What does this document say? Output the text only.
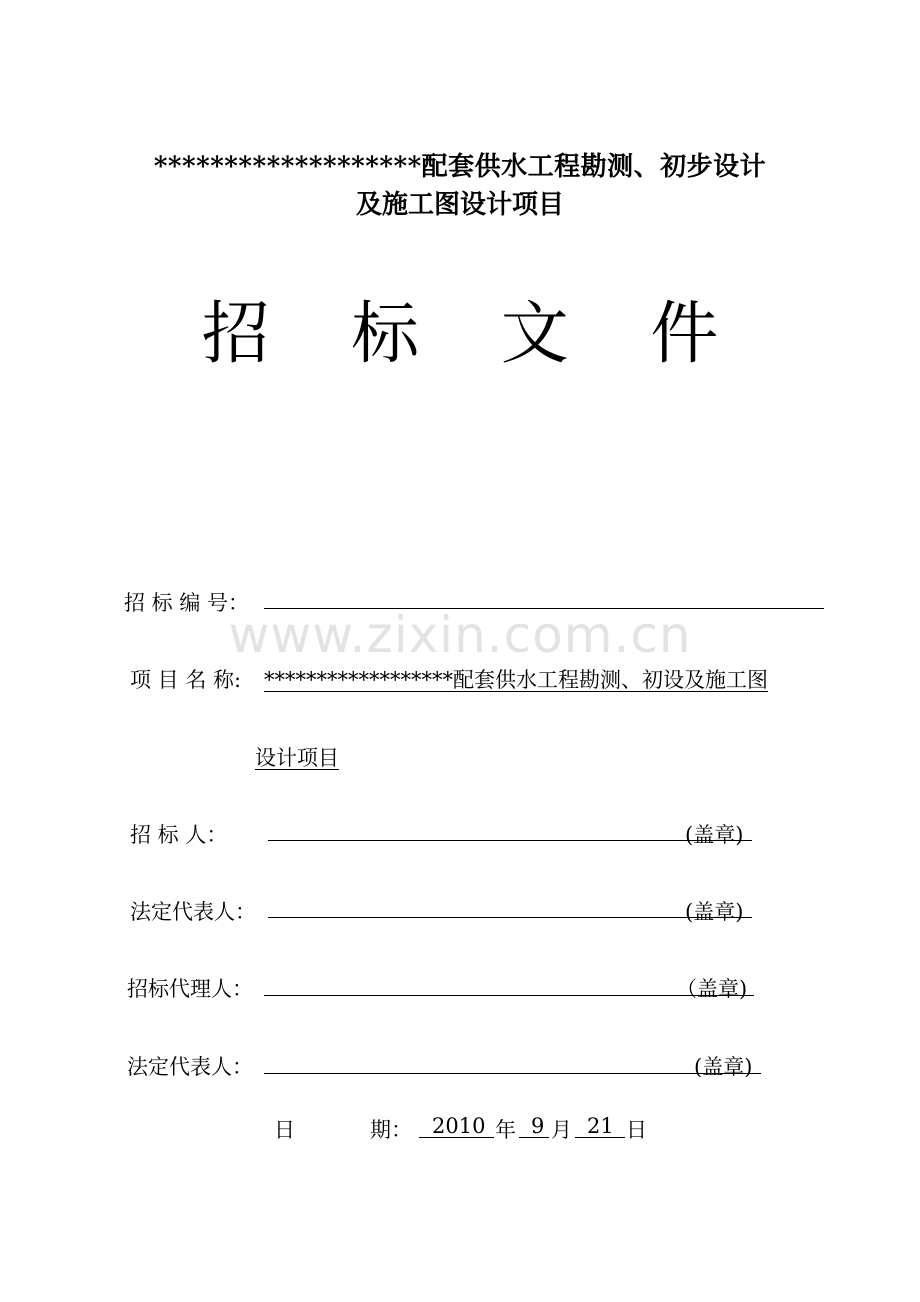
www.zixin.com.cn
*******************配套供水工程勘测、初步设计
及施工图设计项目
招 标 文 件
招 标 编 号：
项 目 名 称: ******************配套供水工程勘测、初设及施工图
设计项目
招 标 人：	(盖章)
法定代表人：	(盖章)
招标代理人：	（盖章)
法定代表人：	(盖章)
日	期： 2010 年 9 月 21 日
